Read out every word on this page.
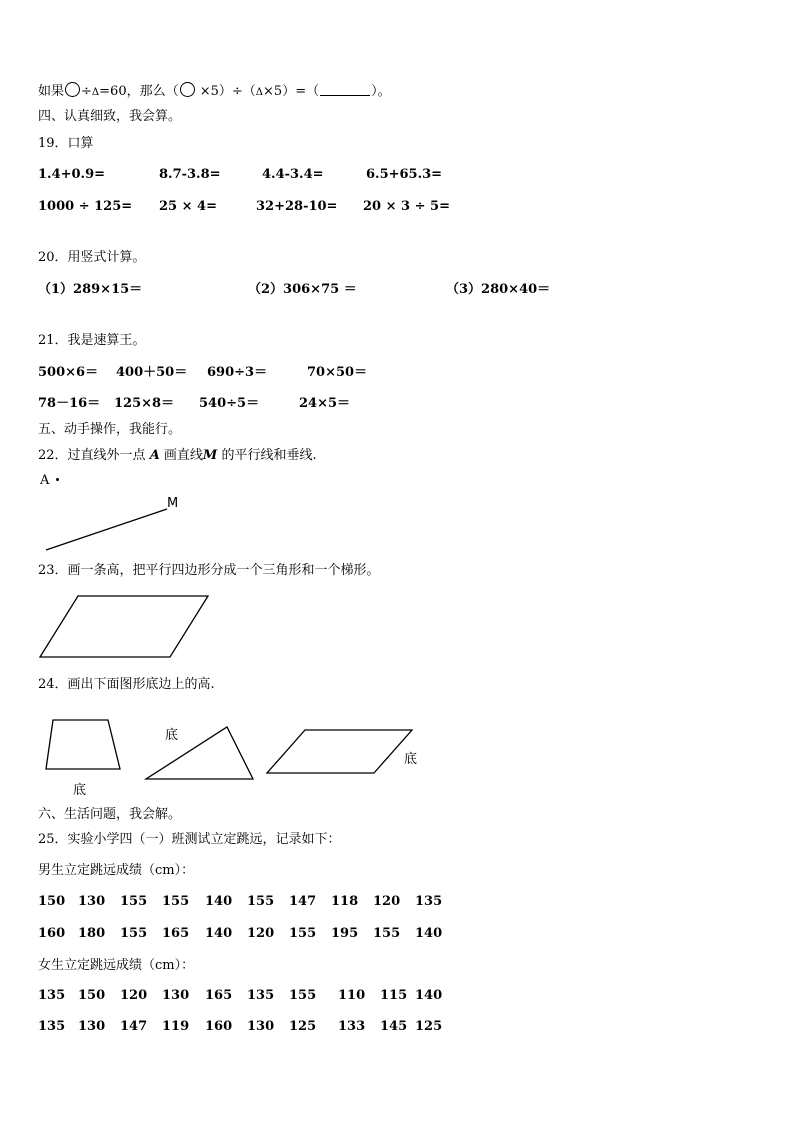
如果 ÷Δ=60，那么（ ×5）÷（Δ×5）=（	）。
四、认真细致，我会算。
19．口算
1.4+0.9=	8.7-3.8=	4.4-3.4=	6.5+65.3=
1000 ÷ 125= 25 × 4=	32+28-10= 20 × 3 ÷ 5=
20．用竖式计算。
（1）289×15＝	（2）306×75 ＝	（3）280×40＝
21．我是速算王。
500×6＝ 400＋50＝ 690÷3＝	70×50＝
78－16＝ 125×8＝ 540÷5＝	24×5＝
五、动手操作，我能行。
22．过直线外一点 A 画直线M 的平行线和垂线.
A
M
23．画一条高，把平行四边形分成一个三角形和一个梯形。
24．画出下面图形底边上的高.
底
底
底
六、生活问题，我会解。
25．实验小学四（一）班测试立定跳远，记录如下：
男生立定跳远成绩（cm）：
150 130 155 155 140 155 147 118 120 135
160 180 155 165 140 120 155 195 155 140
女生立定跳远成绩（cm）：
135 150 120 130 165 135 155 110 115 140
135 130 147 119 160 130 125 133 145 125
